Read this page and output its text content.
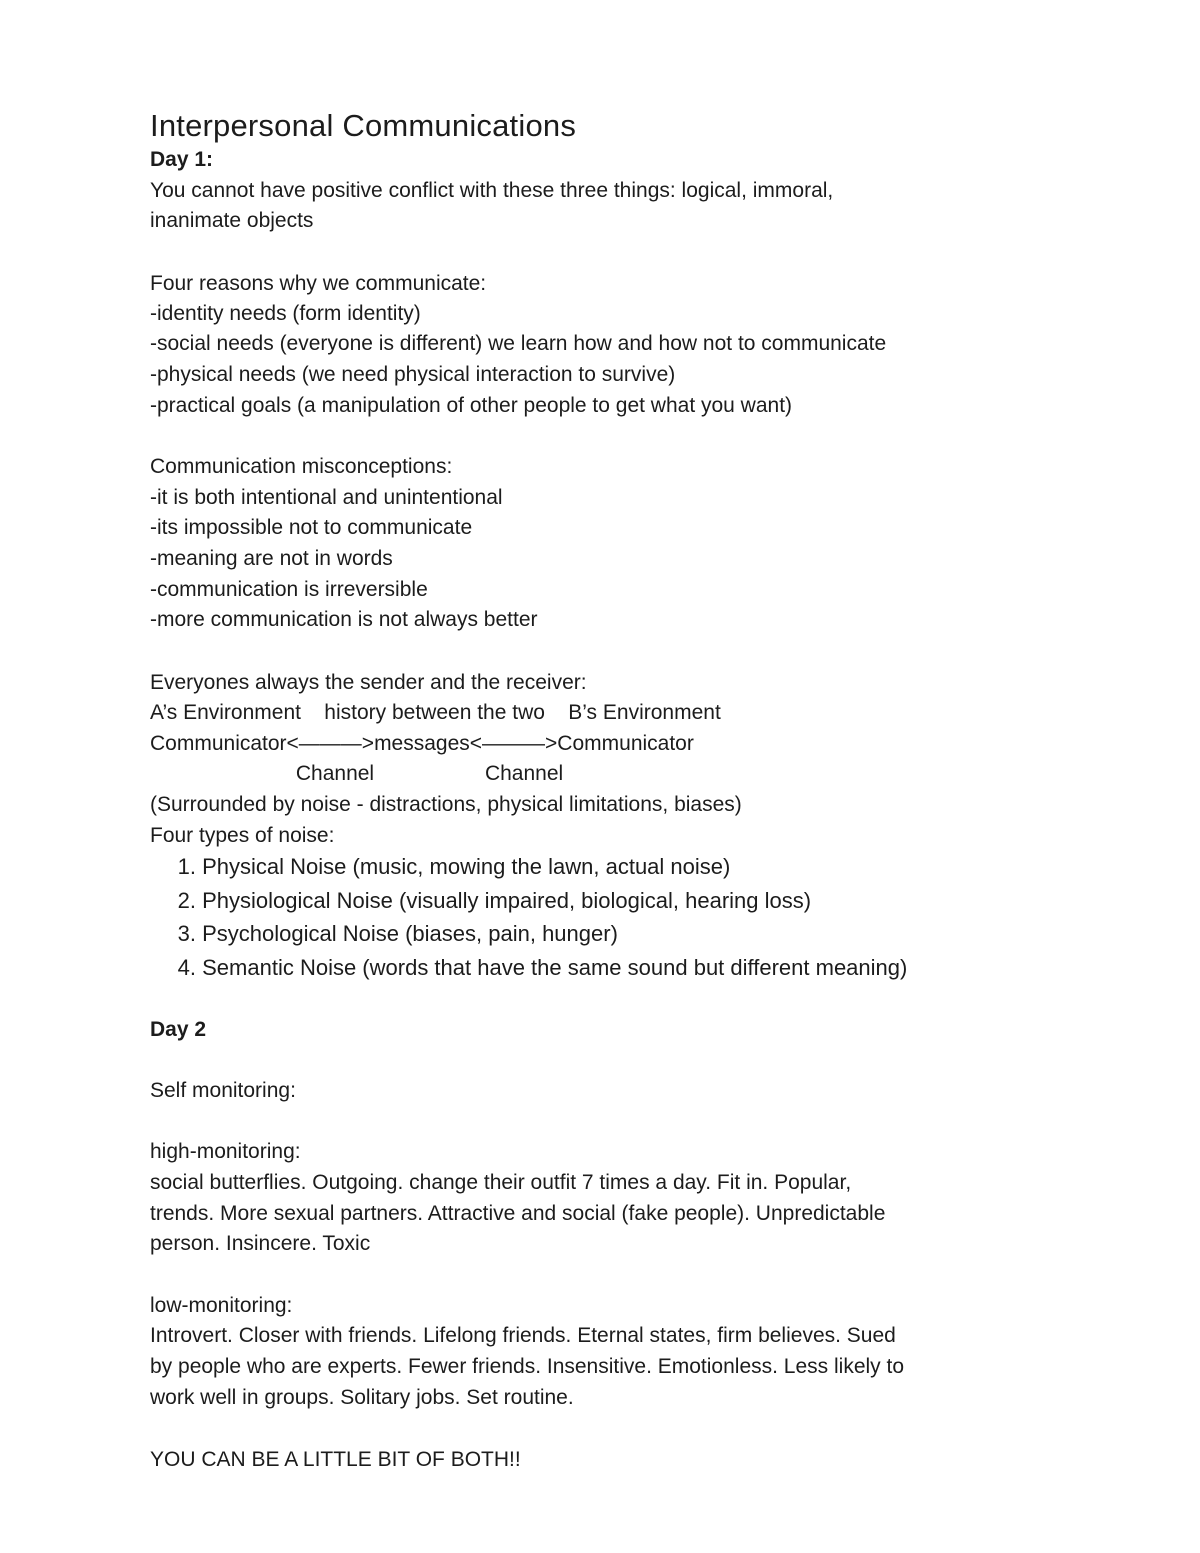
Interpersonal Communications

Day 1:

You cannot have positive conflict with these three things: logical, immoral,

inanimate objects

Four reasons why we communicate:

-identity needs (form identity)

-social needs (everyone is different) we learn how and how not to communicate

-physical needs (we need physical interaction to survive)

-practical goals (a manipulation of other people to get what you want)

Communication misconceptions:

-it is both intentional and unintentional

-its impossible not to communicate

-meaning are not in words

-communication is irreversible

-more communication is not always better

Everyones always the sender and the receiver:

A’s Environment    history between the two    B’s Environment

Communicator<———>messages<———>Communicator

Channel                   Channel

(Surrounded by noise - distractions, physical limitations, biases)

Four types of noise:

1. Physical Noise (music, mowing the lawn, actual noise)

2. Physiological Noise (visually impaired, biological, hearing loss)

3. Psychological Noise (biases, pain, hunger)

4. Semantic Noise (words that have the same sound but different meaning)

Day 2

Self monitoring:

high-monitoring:

social butterflies. Outgoing. change their outfit 7 times a day. Fit in. Popular,

trends. More sexual partners. Attractive and social (fake people). Unpredictable

person. Insincere. Toxic

low-monitoring:

Introvert. Closer with friends. Lifelong friends. Eternal states, firm believes. Sued

by people who are experts. Fewer friends. Insensitive. Emotionless. Less likely to

work well in groups. Solitary jobs. Set routine.

YOU CAN BE A LITTLE BIT OF BOTH!!
